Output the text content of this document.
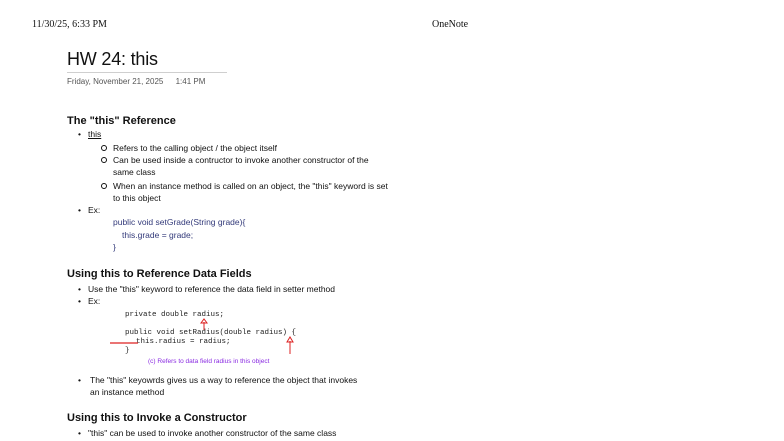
11/30/25, 6:33 PM	OneNote
HW 24: this
Friday, November 21, 2025 1:41 PM
The "this" Reference
• this
Refers to the calling object / the object itself
Can be used inside a contructor to invoke another constructor of the same class
When an instance method is called on an object, the "this" keyword is set to this object
• Ex:
public void setGrade(String grade){
this.grade = grade;
}
Using this to Reference Data Fields
• Use the "this" keyword to reference the data field in setter method
• Ex:
private double radius;
public void setRadius(double radius) {
this.radius = radius;
}
(c) Refers to data field radius in this object
•	The "this" keyowrds gives us a way to reference the object that invokes an instance method
Using this to Invoke a Constructor
• "this" can be used to invoke another constructor of the same class
